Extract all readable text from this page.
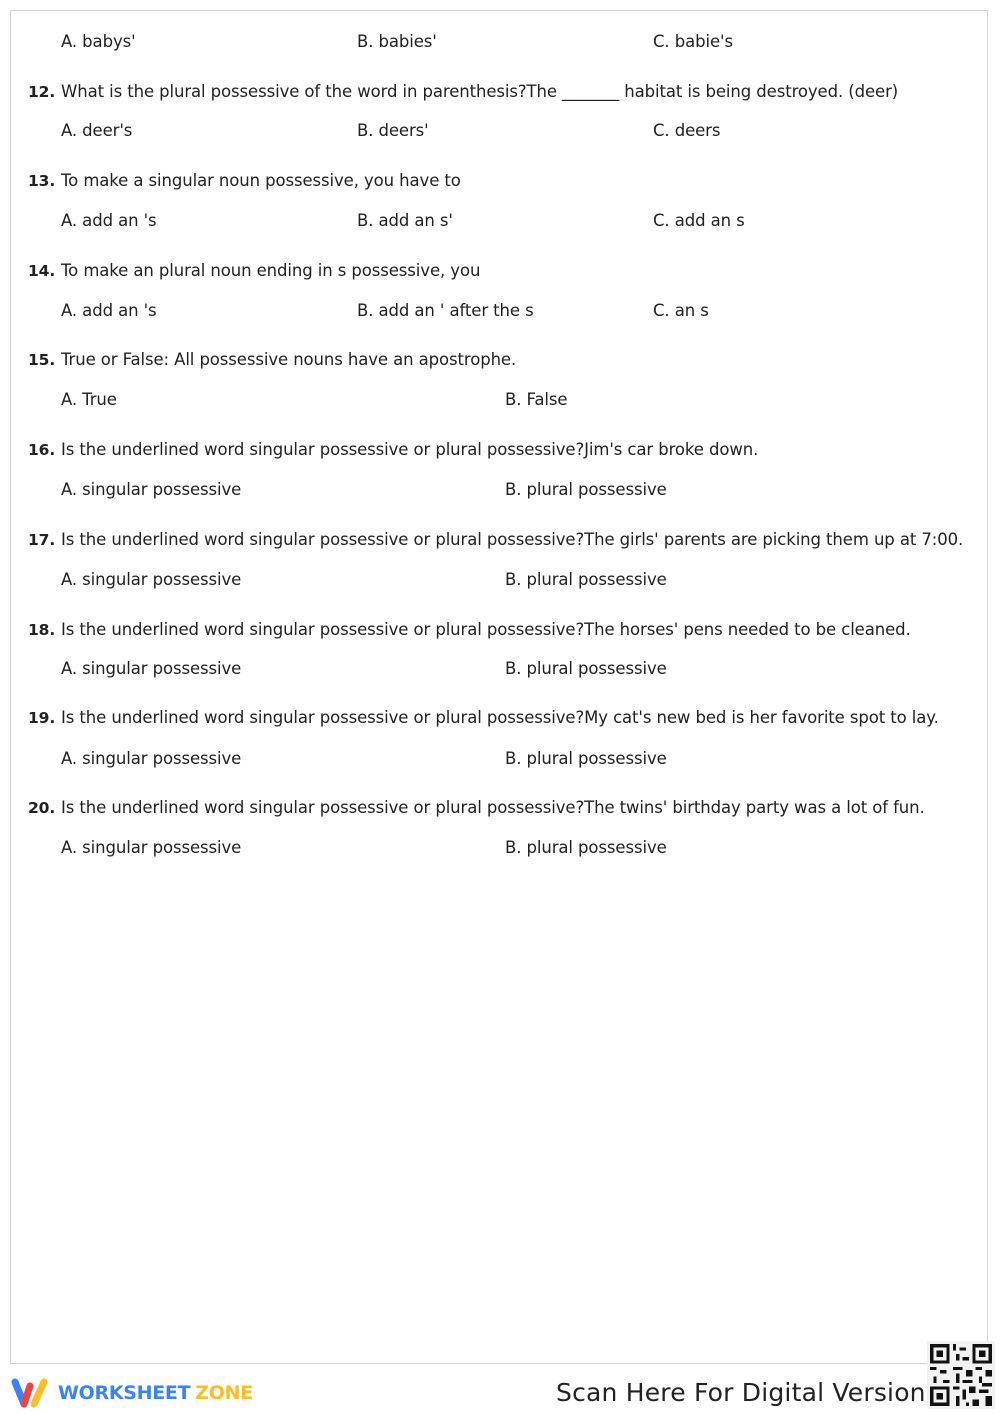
A. babys'	B. babies'	C. babie's
12. What is the plural possessive of the word in parenthesis?The _______ habitat is being destroyed. (deer)
A. deer's	B. deers'	C. deers
13. To make a singular noun possessive, you have to
A. add an 's	B. add an s'	C. add an s
14. To make an plural noun ending in s possessive, you
A. add an 's	B. add an ' after the s	C. an s
15. True or False: All possessive nouns have an apostrophe.
A. True	B. False
16. Is the underlined word singular possessive or plural possessive?Jim's car broke down.
A. singular possessive	B. plural possessive
17. Is the underlined word singular possessive or plural possessive?The girls' parents are picking them up at 7:00.
A. singular possessive	B. plural possessive
18. Is the underlined word singular possessive or plural possessive?The horses' pens needed to be cleaned.
A. singular possessive	B. plural possessive
19. Is the underlined word singular possessive or plural possessive?My cat's new bed is her favorite spot to lay.
A. singular possessive	B. plural possessive
20. Is the underlined word singular possessive or plural possessive?The twins' birthday party was a lot of fun.
A. singular possessive	B. plural possessive
WORKSHEET ZONE	Scan Here For Digital Version
